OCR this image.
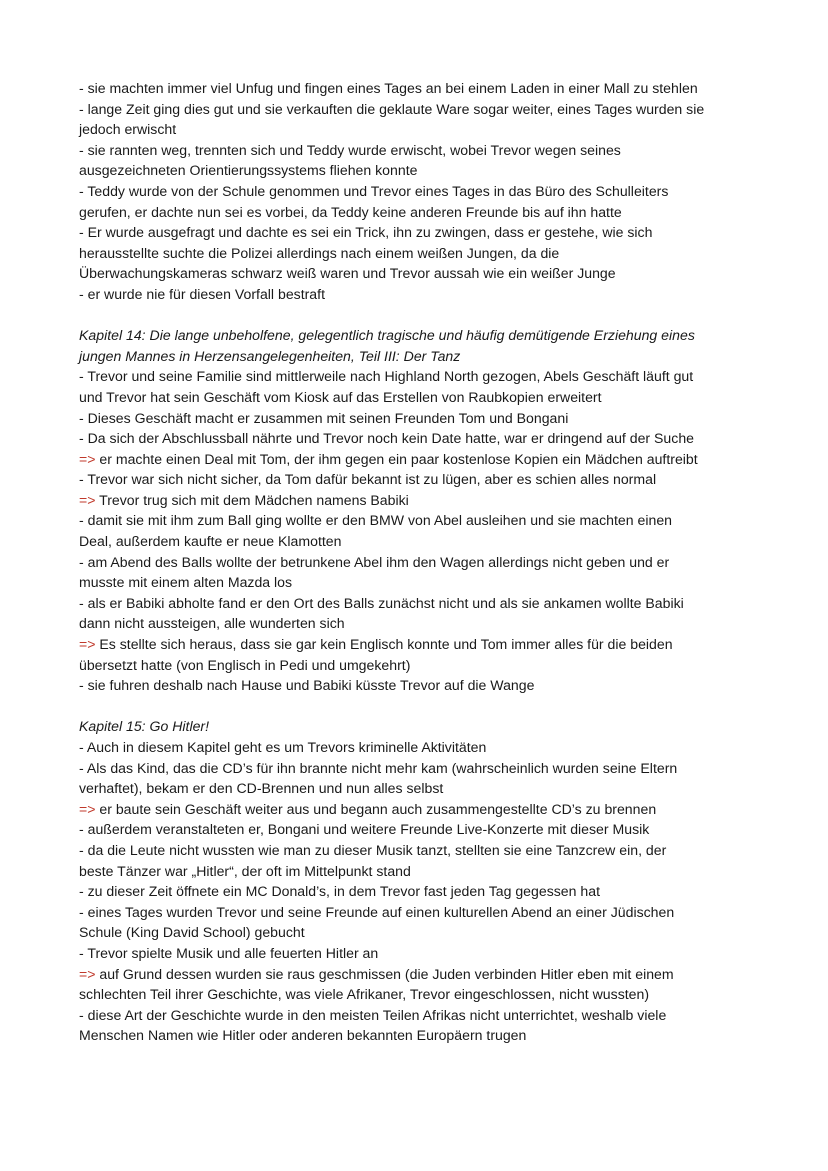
- sie machten immer viel Unfug und fingen eines Tages an bei einem Laden in einer Mall zu stehlen

- lange Zeit ging dies gut und sie verkauften die geklaute Ware sogar weiter, eines Tages wurden sie

jedoch erwischt

- sie rannten weg, trennten sich und Teddy wurde erwischt, wobei Trevor wegen seines

ausgezeichneten Orientierungssystems fliehen konnte

- Teddy wurde von der Schule genommen und Trevor eines Tages in das Büro des Schulleiters

gerufen, er dachte nun sei es vorbei, da Teddy keine anderen Freunde bis auf ihn hatte

- Er wurde ausgefragt und dachte es sei ein Trick, ihn zu zwingen, dass er gestehe, wie sich

herausstellte suchte die Polizei allerdings nach einem weißen Jungen, da die

Überwachungskameras schwarz weiß waren und Trevor aussah wie ein weißer Junge

- er wurde nie für diesen Vorfall bestraft

Kapitel 14: Die lange unbeholfene, gelegentlich tragische und häufig demütigende Erziehung eines

jungen Mannes in Herzensangelegenheiten, Teil III: Der Tanz

- Trevor und seine Familie sind mittlerweile nach Highland North gezogen, Abels Geschäft läuft gut

und Trevor hat sein Geschäft vom Kiosk auf das Erstellen von Raubkopien erweitert

- Dieses Geschäft macht er zusammen mit seinen Freunden Tom und Bongani

- Da sich der Abschlussball nährte und Trevor noch kein Date hatte, war er dringend auf der Suche

=> er machte einen Deal mit Tom, der ihm gegen ein paar kostenlose Kopien ein Mädchen auftreibt

- Trevor war sich nicht sicher, da Tom dafür bekannt ist zu lügen, aber es schien alles normal

=> Trevor trug sich mit dem Mädchen namens Babiki

- damit sie mit ihm zum Ball ging wollte er den BMW von Abel ausleihen und sie machten einen

Deal, außerdem kaufte er neue Klamotten

- am Abend des Balls wollte der betrunkene Abel ihm den Wagen allerdings nicht geben und er

musste mit einem alten Mazda los

- als er Babiki abholte fand er den Ort des Balls zunächst nicht und als sie ankamen wollte Babiki

dann nicht aussteigen, alle wunderten sich

=> Es stellte sich heraus, dass sie gar kein Englisch konnte und Tom immer alles für die beiden

übersetzt hatte (von Englisch in Pedi und umgekehrt)

- sie fuhren deshalb nach Hause und Babiki küsste Trevor auf die Wange

Kapitel 15: Go Hitler!

- Auch in diesem Kapitel geht es um Trevors kriminelle Aktivitäten

- Als das Kind, das die CD’s für ihn brannte nicht mehr kam (wahrscheinlich wurden seine Eltern

verhaftet), bekam er den CD-Brennen und nun alles selbst

=> er baute sein Geschäft weiter aus und begann auch zusammengestellte CD’s zu brennen

- außerdem veranstalteten er, Bongani und weitere Freunde Live-Konzerte mit dieser Musik

- da die Leute nicht wussten wie man zu dieser Musik tanzt, stellten sie eine Tanzcrew ein, der

beste Tänzer war „Hitler“, der oft im Mittelpunkt stand

- zu dieser Zeit öffnete ein MC Donald’s, in dem Trevor fast jeden Tag gegessen hat

- eines Tages wurden Trevor und seine Freunde auf einen kulturellen Abend an einer Jüdischen

Schule (King David School) gebucht

- Trevor spielte Musik und alle feuerten Hitler an

=> auf Grund dessen wurden sie raus geschmissen (die Juden verbinden Hitler eben mit einem

schlechten Teil ihrer Geschichte, was viele Afrikaner, Trevor eingeschlossen, nicht wussten)

- diese Art der Geschichte wurde in den meisten Teilen Afrikas nicht unterrichtet, weshalb viele

Menschen Namen wie Hitler oder anderen bekannten Europäern trugen
